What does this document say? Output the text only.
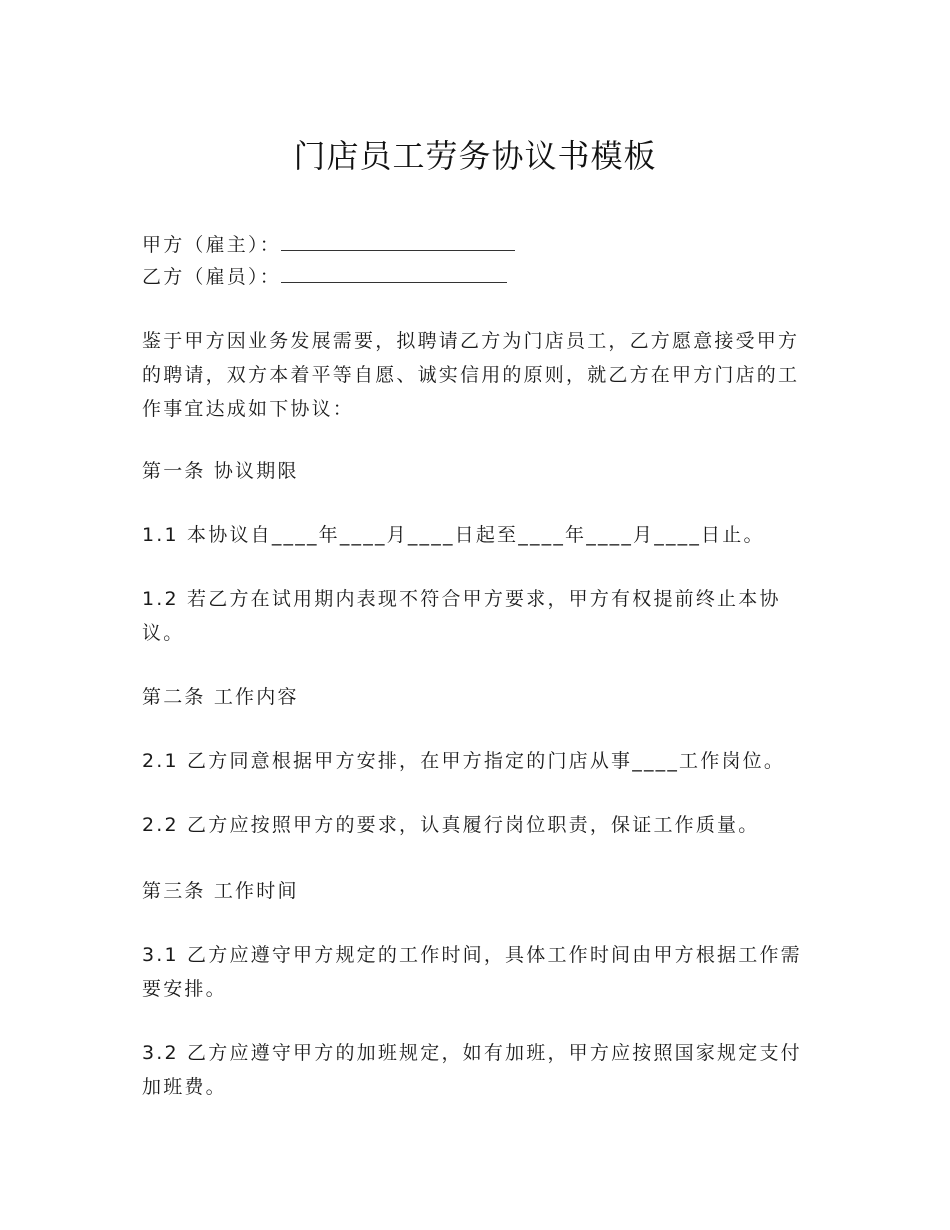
门店员工劳务协议书模板
甲方（雇主）：
乙方（雇员）：
鉴于甲方因业务发展需要，拟聘请乙方为门店员工，乙方愿意接受甲方的聘请，双方本着平等自愿、诚实信用的原则，就乙方在甲方门店的工作事宜达成如下协议：
第一条 协议期限
1.1 本协议自____年____月____日起至____年____月____日止。
1.2 若乙方在试用期内表现不符合甲方要求，甲方有权提前终止本协议。
第二条 工作内容
2.1 乙方同意根据甲方安排，在甲方指定的门店从事____工作岗位。
2.2 乙方应按照甲方的要求，认真履行岗位职责，保证工作质量。
第三条 工作时间
3.1 乙方应遵守甲方规定的工作时间，具体工作时间由甲方根据工作需要安排。
3.2 乙方应遵守甲方的加班规定，如有加班，甲方应按照国家规定支付加班费。
